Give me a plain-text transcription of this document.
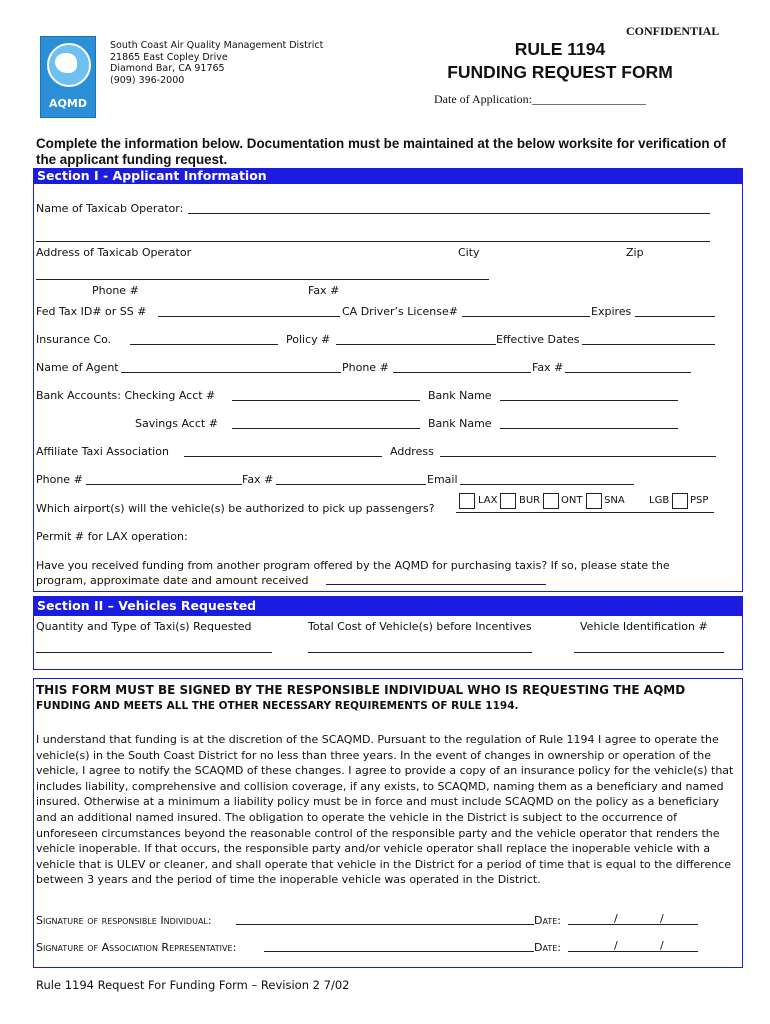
AQMD
South Coast Air Quality Management District
21865 East Copley Drive
Diamond Bar, CA 91765
(909) 396-2000
CONFIDENTIAL
RULE 1194
FUNDING REQUEST FORM
Date of Application:___________________
Complete the information below. Documentation must be maintained at the below worksite for verification of the applicant funding request.
Section I - Applicant Information
Name of Taxicab Operator:
Address of Taxicab Operator	City	Zip
Phone #	Fax #
Fed Tax ID# or SS #	CA Driver’s License#	Expires
Insurance Co.	Policy #	Effective Dates
Name of Agent	Phone #	Fax #
Bank Accounts: Checking Acct #	Bank Name
Savings Acct #	Bank Name
Affiliate Taxi Association	Address
Phone #	Fax #	Email
Which airport(s) will the vehicle(s) be authorized to pick up passengers?
LAX BUR ONT SNA LGB PSP
Permit # for LAX operation:
Have you received funding from another program offered by the AQMD for purchasing taxis? If so, please state the
program, approximate date and amount received
Section II – Vehicles Requested
Quantity and Type of Taxi(s) Requested	Total Cost of Vehicle(s) before Incentives	Vehicle Identification #
THIS FORM MUST BE SIGNED BY THE RESPONSIBLE INDIVIDUAL WHO IS REQUESTING THE AQMD
FUNDING AND MEETS ALL THE OTHER NECESSARY REQUIREMENTS OF RULE 1194.
I understand that funding is at the discretion of the SCAQMD. Pursuant to the regulation of Rule 1194 I agree to operate the vehicle(s) in the South Coast District for no less than three years. In the event of changes in ownership or operation of the vehicle, I agree to notify the SCAQMD of these changes. I agree to provide a copy of an insurance policy for the vehicle(s) that includes liability, comprehensive and collision coverage, if any exists, to SCAQMD, naming them as a beneficiary and named insured. Otherwise at a minimum a liability policy must be in force and must include SCAQMD on the policy as a beneficiary and an additional named insured. The obligation to operate the vehicle in the District is subject to the occurrence of unforeseen circumstances beyond the reasonable control of the responsible party and the vehicle operator that renders the vehicle inoperable. If that occurs, the responsible party and/or vehicle operator shall replace the inoperable vehicle with a vehicle that is ULEV or cleaner, and shall operate that vehicle in the District for a period of time that is equal to the difference between 3 years and the period of time the inoperable vehicle was operated in the District.
Signature of responsible Individual:	Date:	/	/
Signature of Association Representative:	Date:	/	/
Rule 1194 Request For Funding Form – Revision 2 7/02
